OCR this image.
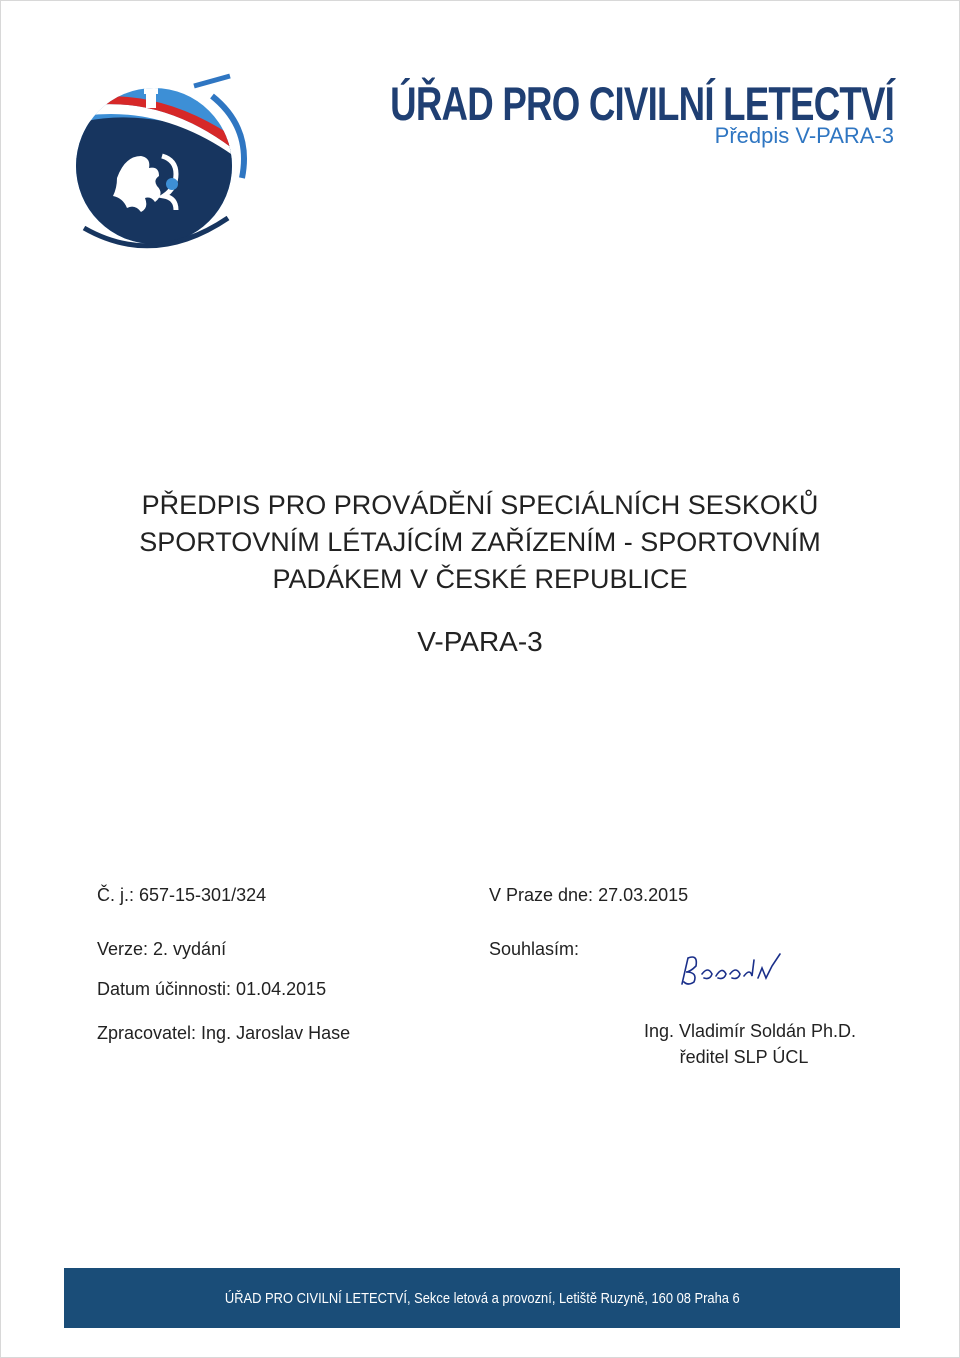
ÚŘAD PRO CIVILNÍ LETECTVÍ
Předpis V-PARA-3
PŘEDPIS PRO PROVÁDĚNÍ SPECIÁLNÍCH SESKOKŮ
SPORTOVNÍM LÉTAJÍCÍM ZAŘÍZENÍM - SPORTOVNÍM
PADÁKEM V ČESKÉ REPUBLICE
V-PARA-3
Č. j.: 657-15-301/324	V Praze dne: 27.03.2015
Verze: 2. vydání	Souhlasím:
Datum účinnosti: 01.04.2015
Zpracovatel: Ing. Jaroslav Hase	Ing. Vladimír Soldán Ph.D.
ředitel SLP ÚCL
ÚŘAD PRO CIVILNÍ LETECTVÍ, Sekce letová a provozní, Letiště Ruzyně, 160 08 Praha 6
